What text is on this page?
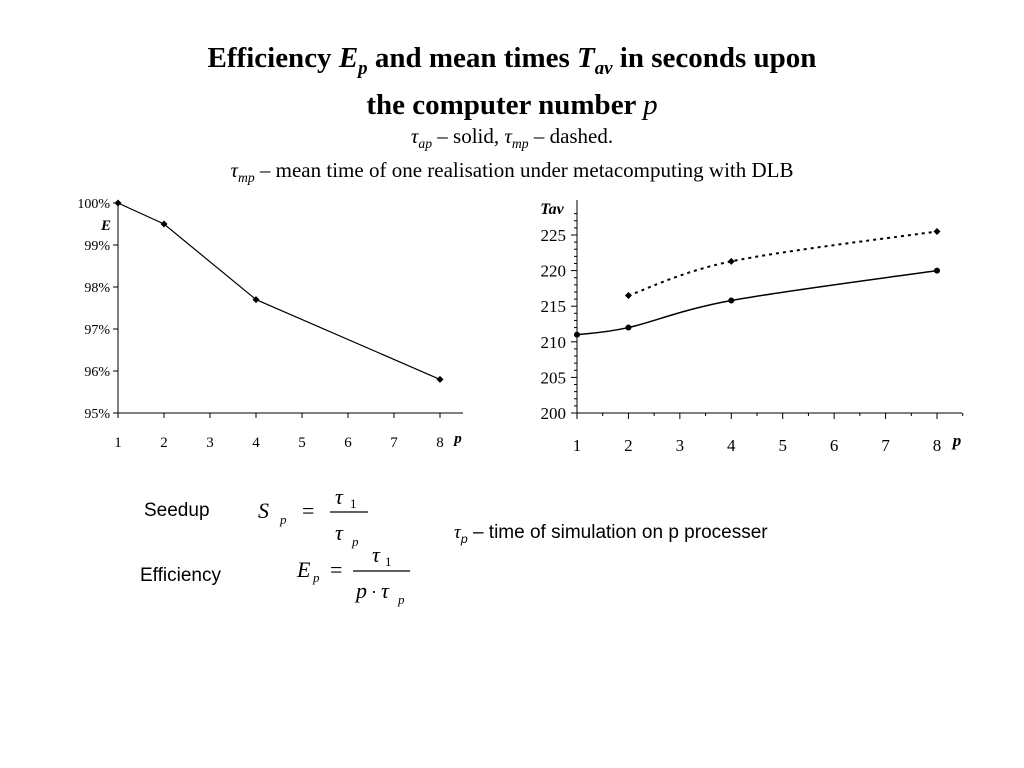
Efficiency $E_p$ and mean times $T_{av}$ in seconds upon
the computer number p
$\tau_{ap}$ – solid, $\tau_{mp}$ – dashed.
$\tau_{mp}$ – mean time of one realisation under metacomputing with DLB
1	2	3	4	5	6	7	8
95%
96%
97%
98%
99%
100%
E
p	1	2	3	4	5	6	7	8
200
205
210
215
220
225
Tav
p
Seedup
Efficiency
S p =
τ 1
τ p
E p =
τ 1
p · τ p
$\tau_p$ – time of simulation on p processer
